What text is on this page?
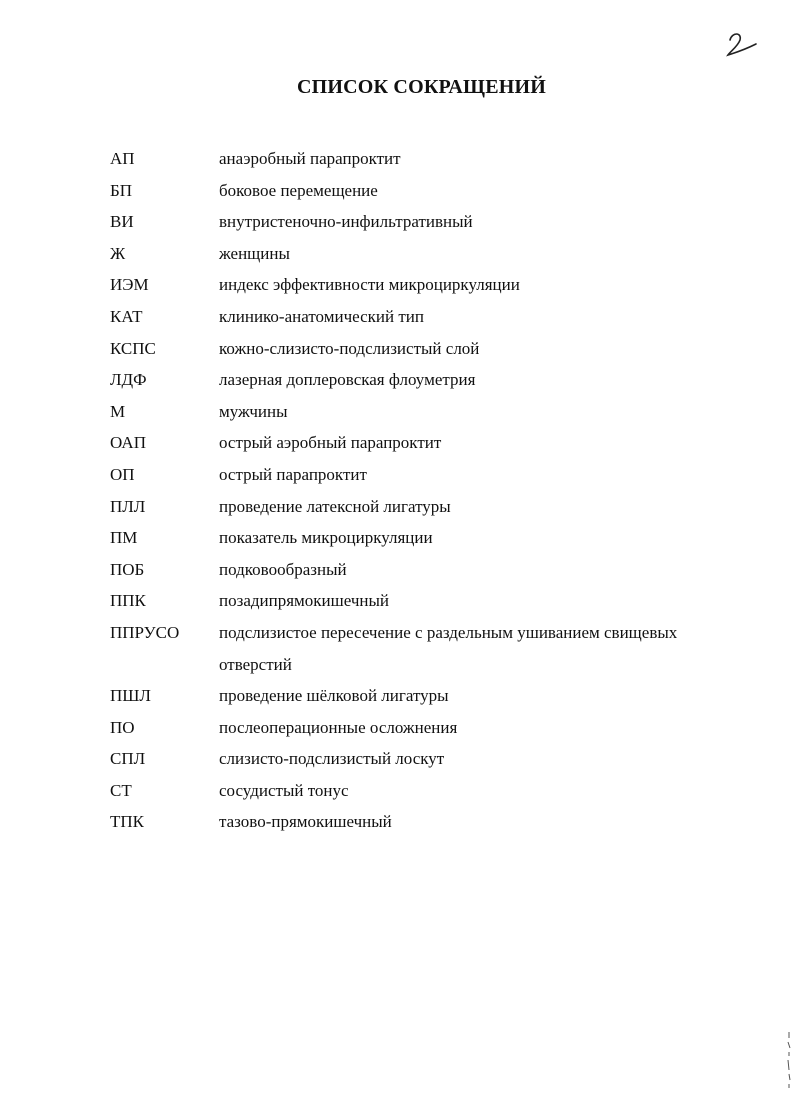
СПИСОК СОКРАЩЕНИЙ
АП	анаэробный парапроктит
БП	боковое перемещение
ВИ	внутристеночно-инфильтративный
Ж	женщины
ИЭМ	индекс эффективности микроциркуляции
КАТ	клинико-анатомический тип
КСПС	кожно-слизисто-подслизистый слой
ЛДФ	лазерная доплеровская флоуметрия
М	мужчины
ОАП	острый аэробный парапроктит
ОП	острый парапроктит
ПЛЛ	проведение латексной лигатуры
ПМ	показатель микроциркуляции
ПОБ	подковообразный
ППК	позадипрямокишечный
ППРУСО	подслизистое пересечение с раздельным ушиванием свищевых отверстий
ПШЛ	проведение шёлковой лигатуры
ПО	послеоперационные осложнения
СПЛ	слизисто-подслизистый лоскут
СТ	сосудистый тонус
ТПК	тазово-прямокишечный
